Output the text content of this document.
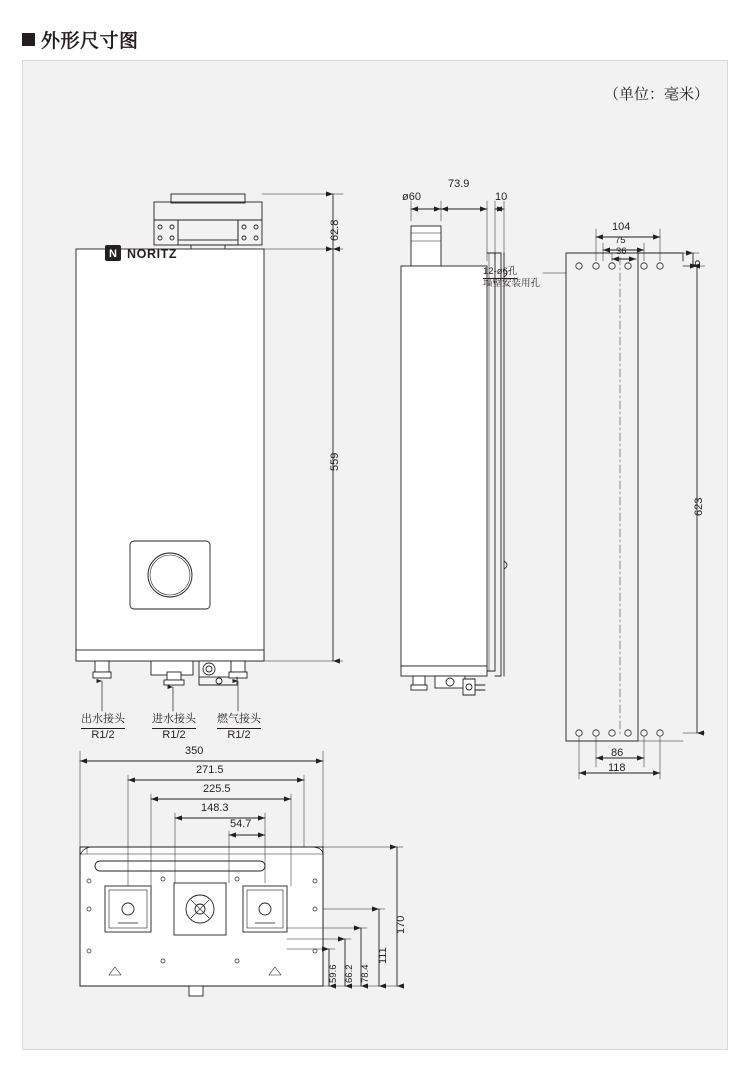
外形尺寸图
（单位：毫米）
N NORITZ
559
62.8
出水接头
R1/2
进水接头
R1/2
燃气接头
R1/2
ø60
73.9
10
104
75
36
5
623
86
118
12-ø6孔
墙壁安装用孔
350
271.5
225.5
148.3
54.7
170
111
78.4
66.2
59.6
